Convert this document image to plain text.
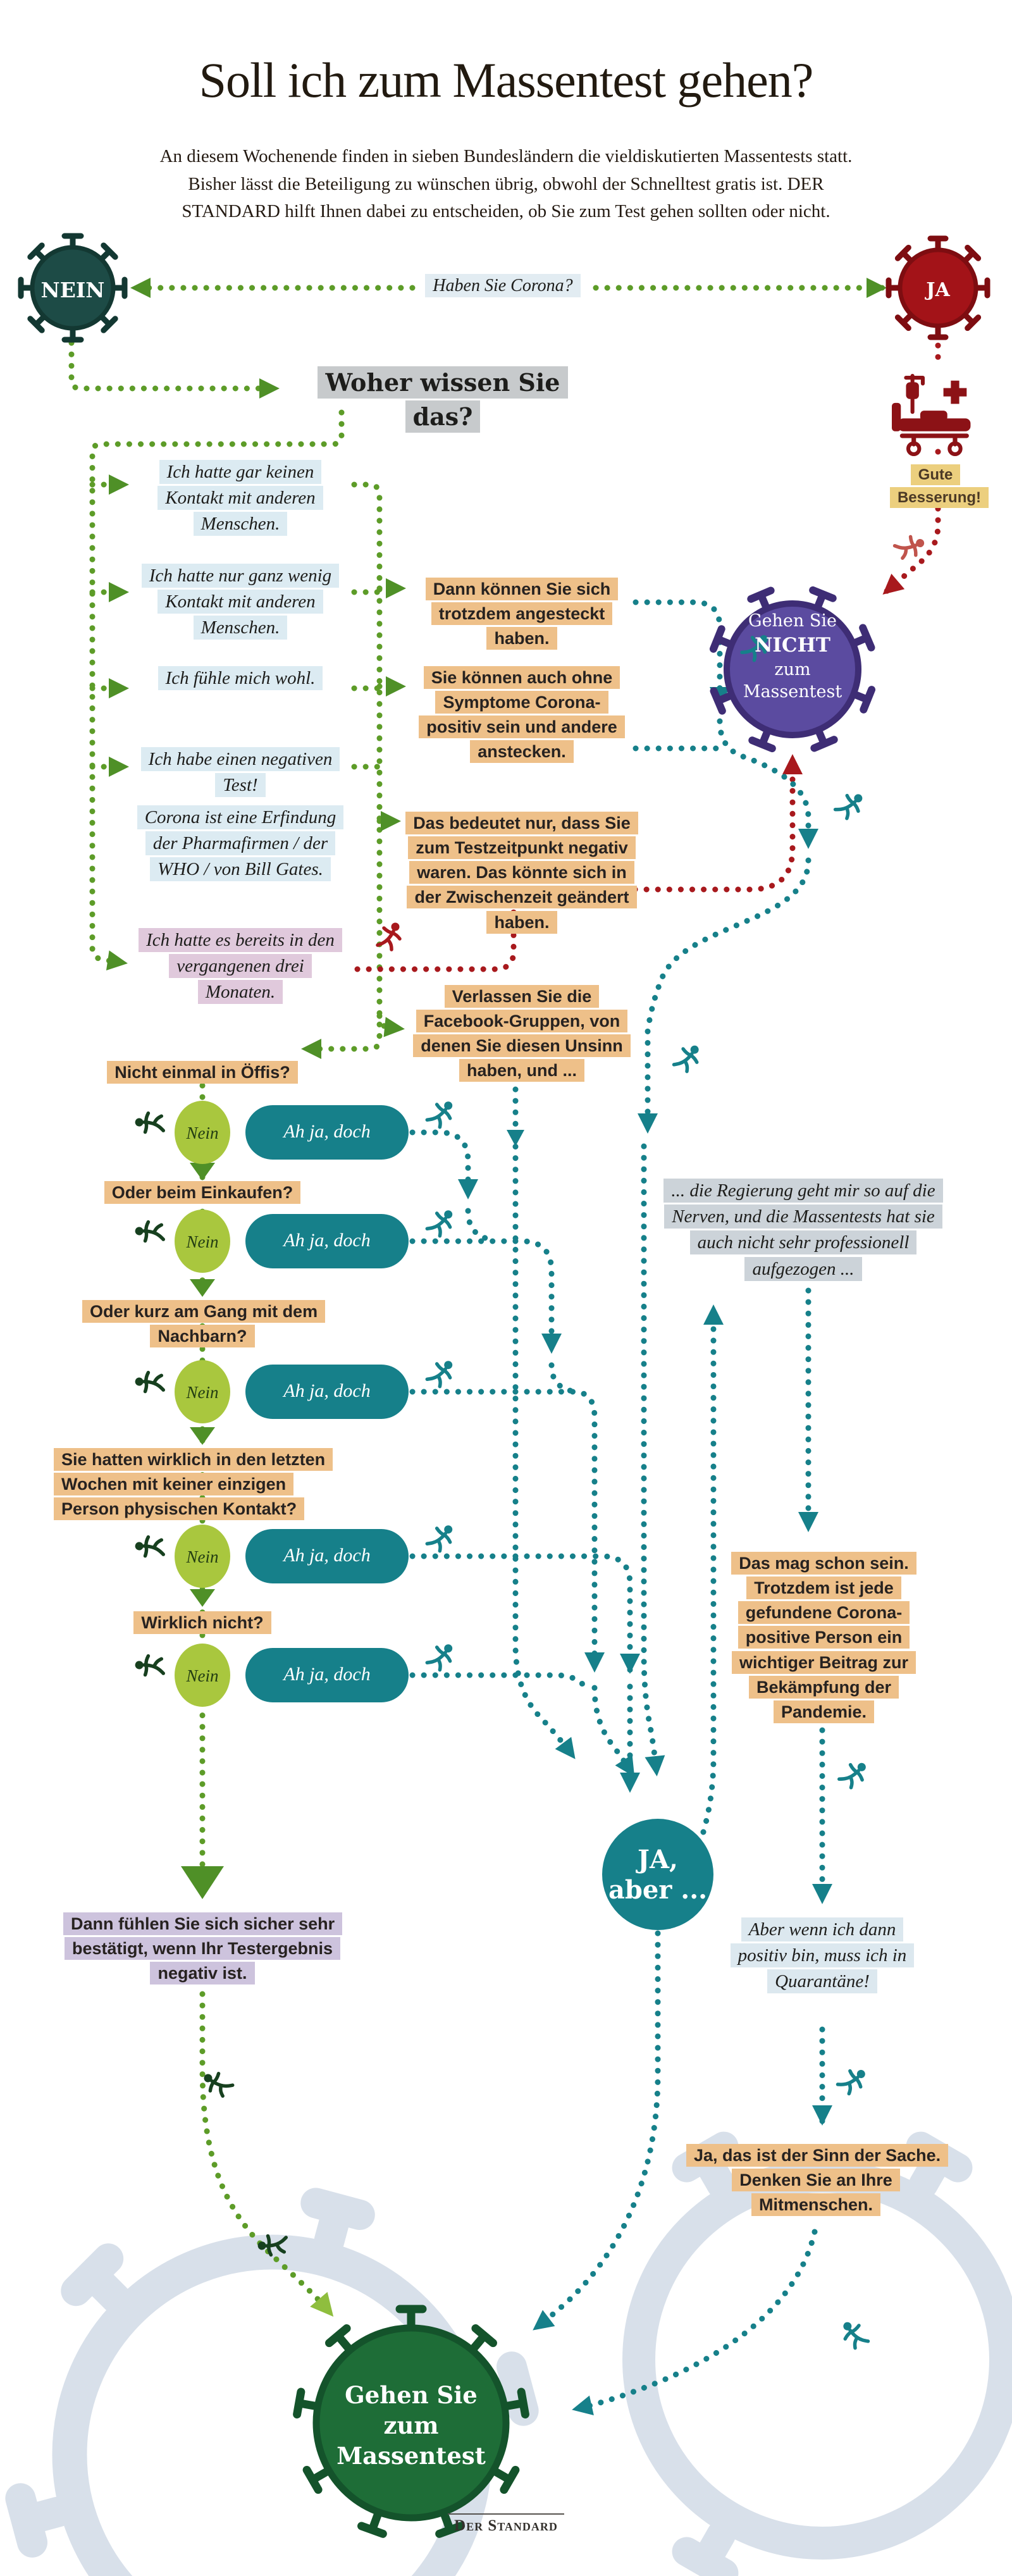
Soll ich zum Massentest gehen?
An diesem Wochenende finden in sieben Bundesländern die vieldiskutierten Massentests statt. Bisher lässt die Beteiligung zu wünschen übrig, obwohl der Schnelltest gratis ist. DER STANDARD hilft Ihnen dabei zu entscheiden, ob Sie zum Test gehen sollten oder nicht.
NEIN	JA
Haben Sie Corona?
Woher wissen Sie das?
Gute Besserung!
Ich hatte gar keinen Kontakt mit anderen Menschen.
Ich hatte nur ganz wenig Kontakt mit anderen Menschen.
Ich fühle mich wohl.
Ich habe einen negativen Test!
Corona ist eine Erfindung der Pharmafirmen / der WHO / von Bill Gates.
Ich hatte es bereits in den vergangenen drei Monaten.
Dann können Sie sich trotzdem angesteckt haben.
Sie können auch ohne Symptome Corona-positiv sein und andere anstecken.
Das bedeutet nur, dass Sie zum Testzeitpunkt negativ waren. Das könnte sich in der Zwischenzeit geändert haben.
Verlassen Sie die Facebook-Gruppen, von denen Sie diesen Unsinn haben, und ...
Gehen Sie
NICHT
zum
Massentest
Nicht einmal in Öffis?
Oder beim Einkaufen?
Oder kurz am Gang mit dem Nachbarn?
Sie hatten wirklich in den letzten Wochen mit keiner einzigen Person physischen Kontakt?
Wirklich nicht?
Nein	Ah ja, doch
Nein	Ah ja, doch
Nein	Ah ja, doch
Nein	Ah ja, doch
Nein	Ah ja, doch
... die Regierung geht mir so auf die Nerven, und die Massentests hat sie auch nicht sehr professionell aufgezogen ...
Das mag schon sein. Trotzdem ist jede gefundene Corona-positive Person ein wichtiger Beitrag zur Bekämpfung der Pandemie.
JA,
aber ...
Aber wenn ich dann positiv bin, muss ich in Quarantäne!
Dann fühlen Sie sich sicher sehr bestätigt, wenn Ihr Testergebnis negativ ist.
Ja, das ist der Sinn der Sache. Denken Sie an Ihre Mitmenschen.
Gehen Sie
zum
Massentest
Der Standard
